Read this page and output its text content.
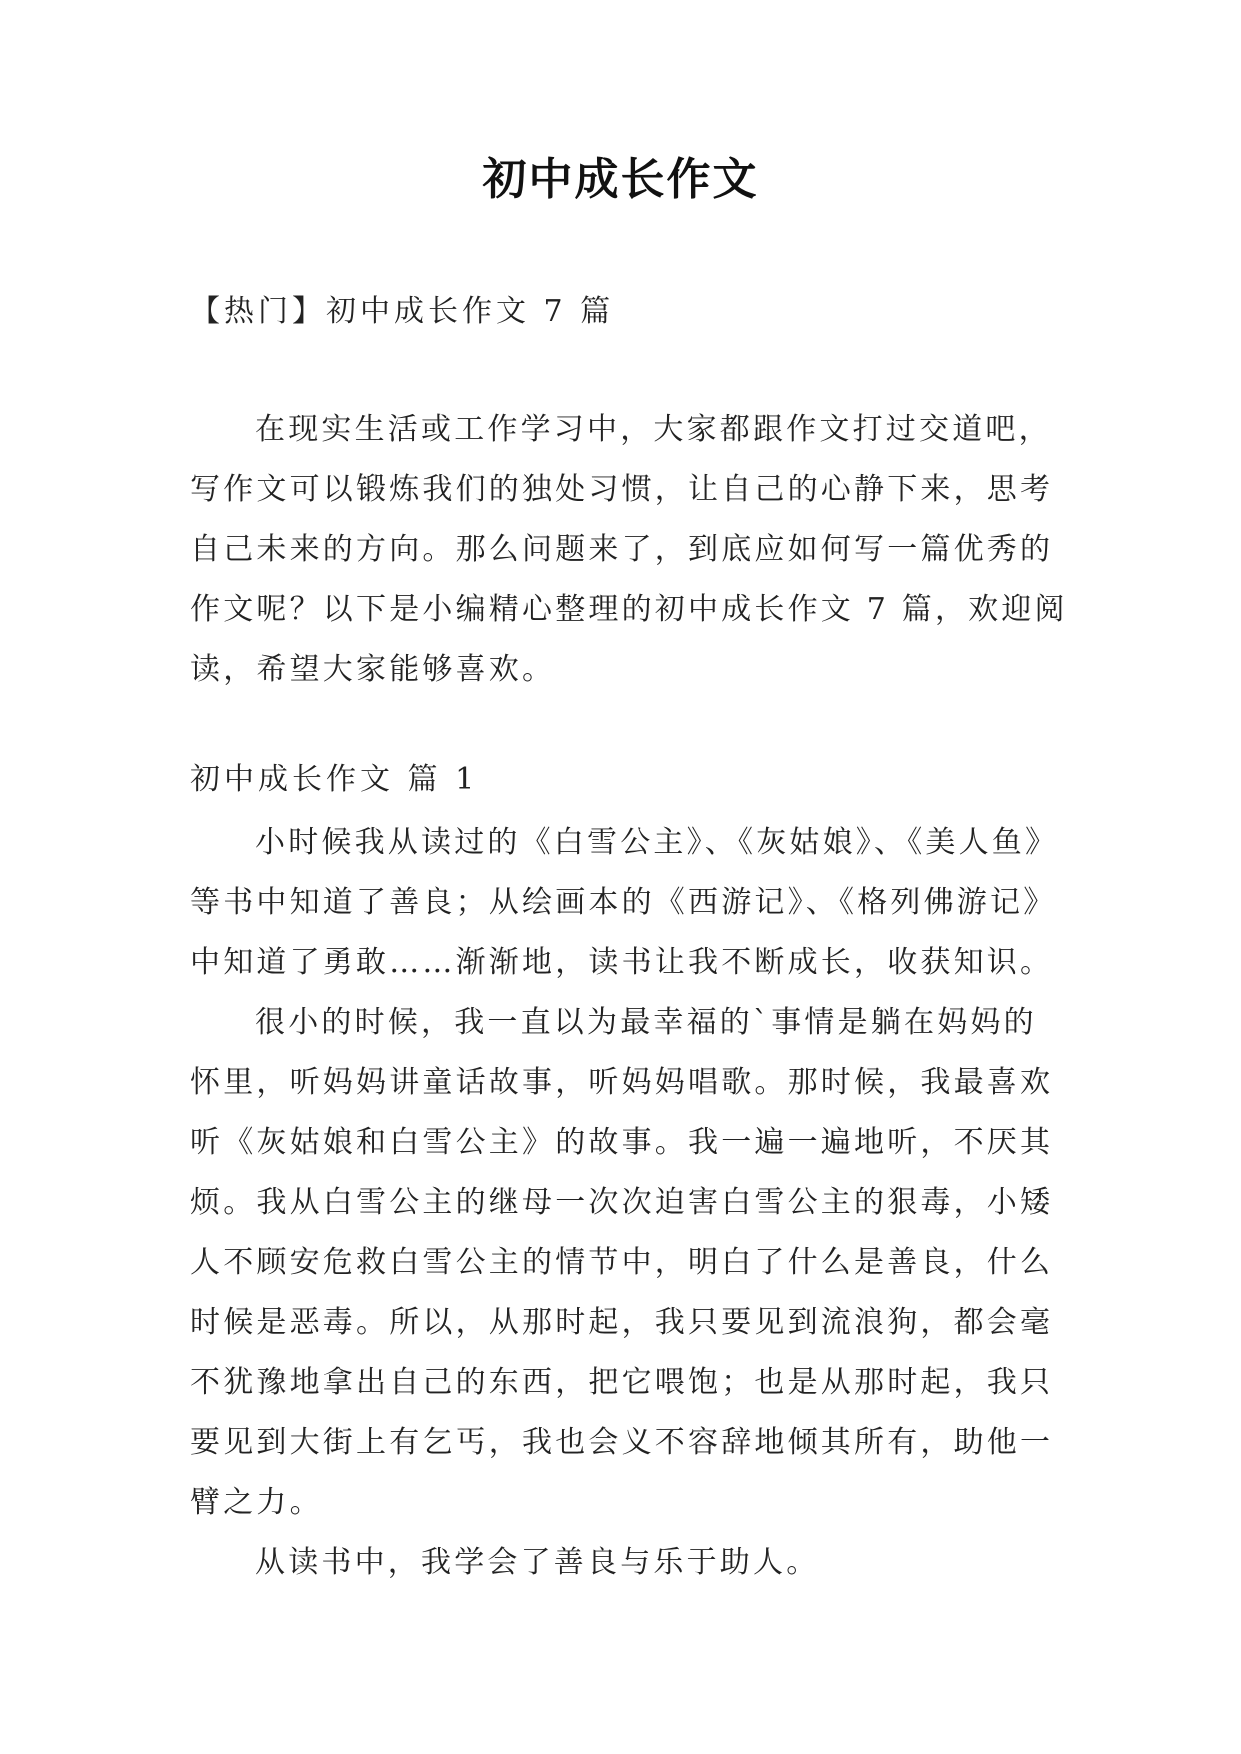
初中成长作文
【热门】初中成长作文 7 篇
在现实生活或工作学习中，大家都跟作文打过交道吧，
写作文可以锻炼我们的独处习惯，让自己的心静下来，思考
自己未来的方向。那么问题来了，到底应如何写一篇优秀的
作文呢？以下是小编精心整理的初中成长作文 7 篇，欢迎阅
读，希望大家能够喜欢。
初中成长作文 篇 1
小时候我从读过的《白雪公主》、《灰姑娘》、《美人鱼》
等书中知道了善良；从绘画本的《西游记》、《格列佛游记》
中知道了勇敢……渐渐地，读书让我不断成长，收获知识。
很小的时候，我一直以为最幸福的`事情是躺在妈妈的
怀里，听妈妈讲童话故事，听妈妈唱歌。那时候，我最喜欢
听《灰姑娘和白雪公主》的故事。我一遍一遍地听，不厌其
烦。我从白雪公主的继母一次次迫害白雪公主的狠毒，小矮
人不顾安危救白雪公主的情节中，明白了什么是善良，什么
时候是恶毒。所以，从那时起，我只要见到流浪狗，都会毫
不犹豫地拿出自己的东西，把它喂饱；也是从那时起，我只
要见到大街上有乞丐，我也会义不容辞地倾其所有，助他一
臂之力。
从读书中，我学会了善良与乐于助人。
